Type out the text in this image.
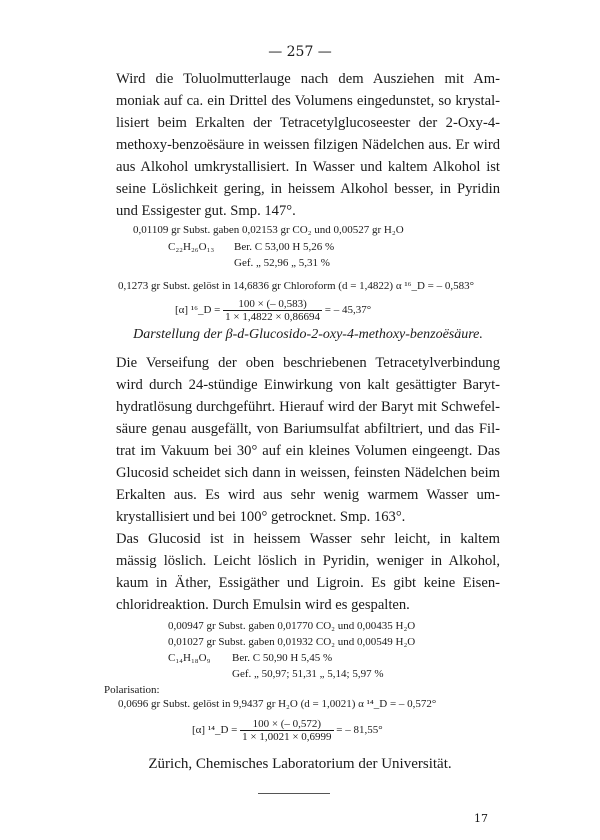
— 257 —
Wird die Toluolmutterlauge nach dem Ausziehen mit Am-
moniak auf ca. ein Drittel des Volumens eingedunstet, so krystal-
lisiert beim Erkalten der Tetracetylglucoseester der 2-Oxy-4-
methoxy-benzoësäure in weissen filzigen Nädelchen aus. Er wird
aus Alkohol umkrystallisiert. In Wasser und kaltem Alkohol ist
seine Löslichkeit gering, in heissem Alkohol besser, in Pyridin
und Essigester gut. Smp. 147°.
0,01109 gr Subst. gaben 0,02153 gr CO₂ und 0,00527 gr H₂O
C₂₂H₂₆O₁₃ Ber. C 53,00 H 5,26 %
Gef. „ 52,96 „ 5,31 %
0,1273 gr Subst. gelöst in 14,6836 gr Chloroform (d = 1,4822) α ¹⁶_D = – 0,583°
[α] ¹⁶_D = $\frac{100 \times (- 0,583)}{1 \times 1,4822 \times 0,86694}$ = – 45,37°
Darstellung der β-d-Glucosido-2-oxy-4-methoxy-benzoësäure.
Die Verseifung der oben beschriebenen Tetracetylverbindung
wird durch 24-stündige Einwirkung von kalt gesättigter Baryt-
hydratlösung durchgeführt. Hierauf wird der Baryt mit Schwefel-
säure genau ausgefällt, von Bariumsulfat abfiltriert, und das Fil-
trat im Vakuum bei 30° auf ein kleines Volumen eingeengt. Das
Glucosid scheidet sich dann in weissen, feinsten Nädelchen beim
Erkalten aus. Es wird aus sehr wenig warmem Wasser um-
krystallisiert und bei 100° getrocknet. Smp. 163°.
Das Glucosid ist in heissem Wasser sehr leicht, in kaltem
mässig löslich. Leicht löslich in Pyridin, weniger in Alkohol,
kaum in Äther, Essigäther und Ligroin. Es gibt keine Eisen-
chloridreaktion. Durch Emulsin wird es gespalten.
0,00947 gr Subst. gaben 0,01770 CO₂ und 0,00435 H₂O
0,01027 gr Subst. gaben 0,01932 CO₂ und 0,00549 H₂O
C₁₄H₁₈O₉ Ber. C 50,90 H 5,45 %
Gef. „ 50,97; 51,31 „ 5,14; 5,97 %
Polarisation:
0,0696 gr Subst. gelöst in 9,9437 gr H₂O (d = 1,0021) α ¹⁴_D = – 0,572°
[α] ¹⁴_D = $\frac{100 \times (- 0,572)}{1 \times 1,0021 \times 0,6999}$ = – 81,55°
Zürich, Chemisches Laboratorium der Universität.
17
